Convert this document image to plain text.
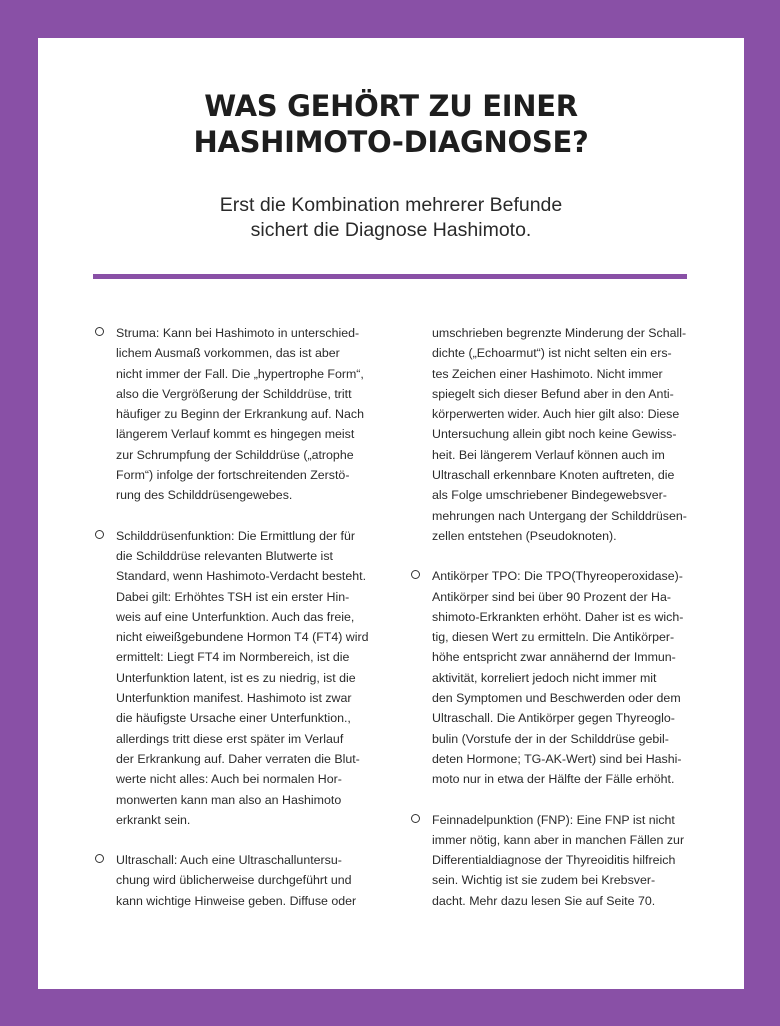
WAS GEHÖRT ZU EINER
HASHIMOTO-DIAGNOSE?

Erst die Kombination mehrerer Befunde
sichert die Diagnose Hashimoto.

Struma: Kann bei Hashimoto in unterschied-
lichem Ausmaß vorkommen, das ist aber
nicht immer der Fall. Die „hypertrophe Form“,
also die Vergrößerung der Schilddrüse, tritt
häufiger zu Beginn der Erkrankung auf. Nach
längerem Verlauf kommt es hingegen meist
zur Schrumpfung der Schilddrüse („atrophe
Form“) infolge der fortschreitenden Zerstö-
rung des Schilddrüsengewebes.
Schilddrüsenfunktion: Die Ermittlung der für
die Schilddrüse relevanten Blutwerte ist
Standard, wenn Hashimoto-Verdacht besteht.
Dabei gilt: Erhöhtes TSH ist ein erster Hin-
weis auf eine Unterfunktion. Auch das freie,
nicht eiweißgebundene Hormon T4 (FT4) wird
ermittelt: Liegt FT4 im Normbereich, ist die
Unterfunktion latent, ist es zu niedrig, ist die
Unterfunktion manifest. Hashimoto ist zwar
die häufigste Ursache einer Unterfunktion.,
allerdings tritt diese erst später im Verlauf
der Erkrankung auf. Daher verraten die Blut-
werte nicht alles: Auch bei normalen Hor-
monwerten kann man also an Hashimoto
erkrankt sein.
Ultraschall: Auch eine Ultraschalluntersu-
chung wird üblicherweise durchgeführt und
kann wichtige Hinweise geben. Diffuse oder
umschrieben begrenzte Minderung der Schall-
dichte („Echoarmut“) ist nicht selten ein ers-
tes Zeichen einer Hashimoto. Nicht immer
spiegelt sich dieser Befund aber in den Anti-
körperwerten wider. Auch hier gilt also: Diese
Untersuchung allein gibt noch keine Gewiss-
heit. Bei längerem Verlauf können auch im
Ultraschall erkennbare Knoten auftreten, die
als Folge umschriebener Bindegewebsver-
mehrungen nach Untergang der Schilddrüsen-
zellen entstehen (Pseudoknoten).
Antikörper TPO: Die TPO(Thyreoperoxidase)-
Antikörper sind bei über 90 Prozent der Ha-
shimoto-Erkrankten erhöht. Daher ist es wich-
tig, diesen Wert zu ermitteln. Die Antikörper-
höhe entspricht zwar annähernd der Immun-
aktivität, korreliert jedoch nicht immer mit
den Symptomen und Beschwerden oder dem
Ultraschall. Die Antikörper gegen Thyreoglo-
bulin (Vorstufe der in der Schilddrüse gebil-
deten Hormone; TG-AK-Wert) sind bei Hashi-
moto nur in etwa der Hälfte der Fälle erhöht.
Feinnadelpunktion (FNP): Eine FNP ist nicht
immer nötig, kann aber in manchen Fällen zur
Differentialdiagnose der Thyreoiditis hilfreich
sein. Wichtig ist sie zudem bei Krebsver-
dacht. Mehr dazu lesen Sie auf Seite 70.
